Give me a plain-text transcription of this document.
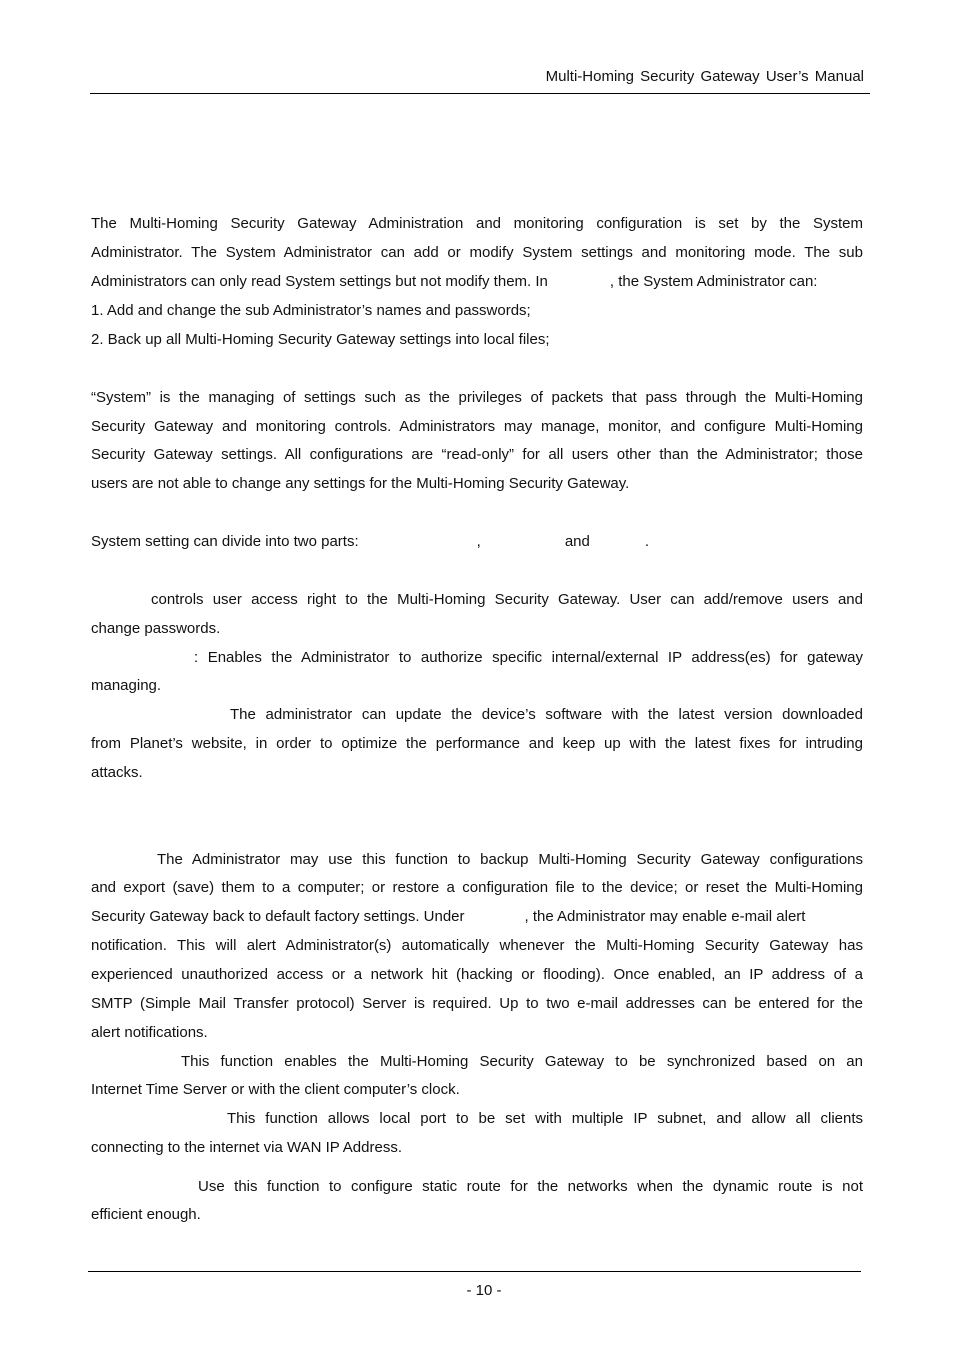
Multi-Homing Security Gateway User’s Manual
The Multi-Homing Security Gateway Administration and monitoring configuration is set by the System
Administrator. The System Administrator can add or modify System settings and monitoring mode. The sub
Administrators can only read System settings but not modify them. In	, the System Administrator can:
1. Add and change the sub Administrator’s names and passwords;
2. Back up all Multi-Homing Security Gateway settings into local files;
“System” is the managing of settings such as the privileges of packets that pass through the Multi-Homing
Security Gateway and monitoring controls. Administrators may manage, monitor, and configure Multi-Homing
Security Gateway settings. All configurations are “read-only” for all users other than the Administrator; those
users are not able to change any settings for the Multi-Homing Security Gateway.
System setting can divide into two parts:	,	and	.
controls user access right to the Multi-Homing Security Gateway. User can add/remove users and
change passwords.
: Enables the Administrator to authorize specific internal/external IP address(es) for gateway
managing.
The administrator can update the device’s software with the latest version downloaded
from Planet’s website, in order to optimize the performance and keep up with the latest fixes for intruding
attacks.
The Administrator may use this function to backup Multi-Homing Security Gateway configurations
and export (save) them to a computer; or restore a configuration file to the device; or reset the Multi-Homing
Security Gateway back to default factory settings. Under	, the Administrator may enable e-mail alert
notification. This will alert Administrator(s) automatically whenever the Multi-Homing Security Gateway has
experienced unauthorized access or a network hit (hacking or flooding). Once enabled, an IP address of a
SMTP (Simple Mail Transfer protocol) Server is required. Up to two e-mail addresses can be entered for the
alert notifications.
This function enables the Multi-Homing Security Gateway to be synchronized based on an
Internet Time Server or with the client computer’s clock.
This function allows local port to be set with multiple IP subnet, and allow all clients
connecting to the internet via WAN IP Address.
Use this function to configure static route for the networks when the dynamic route is not
efficient enough.
- 10 -
